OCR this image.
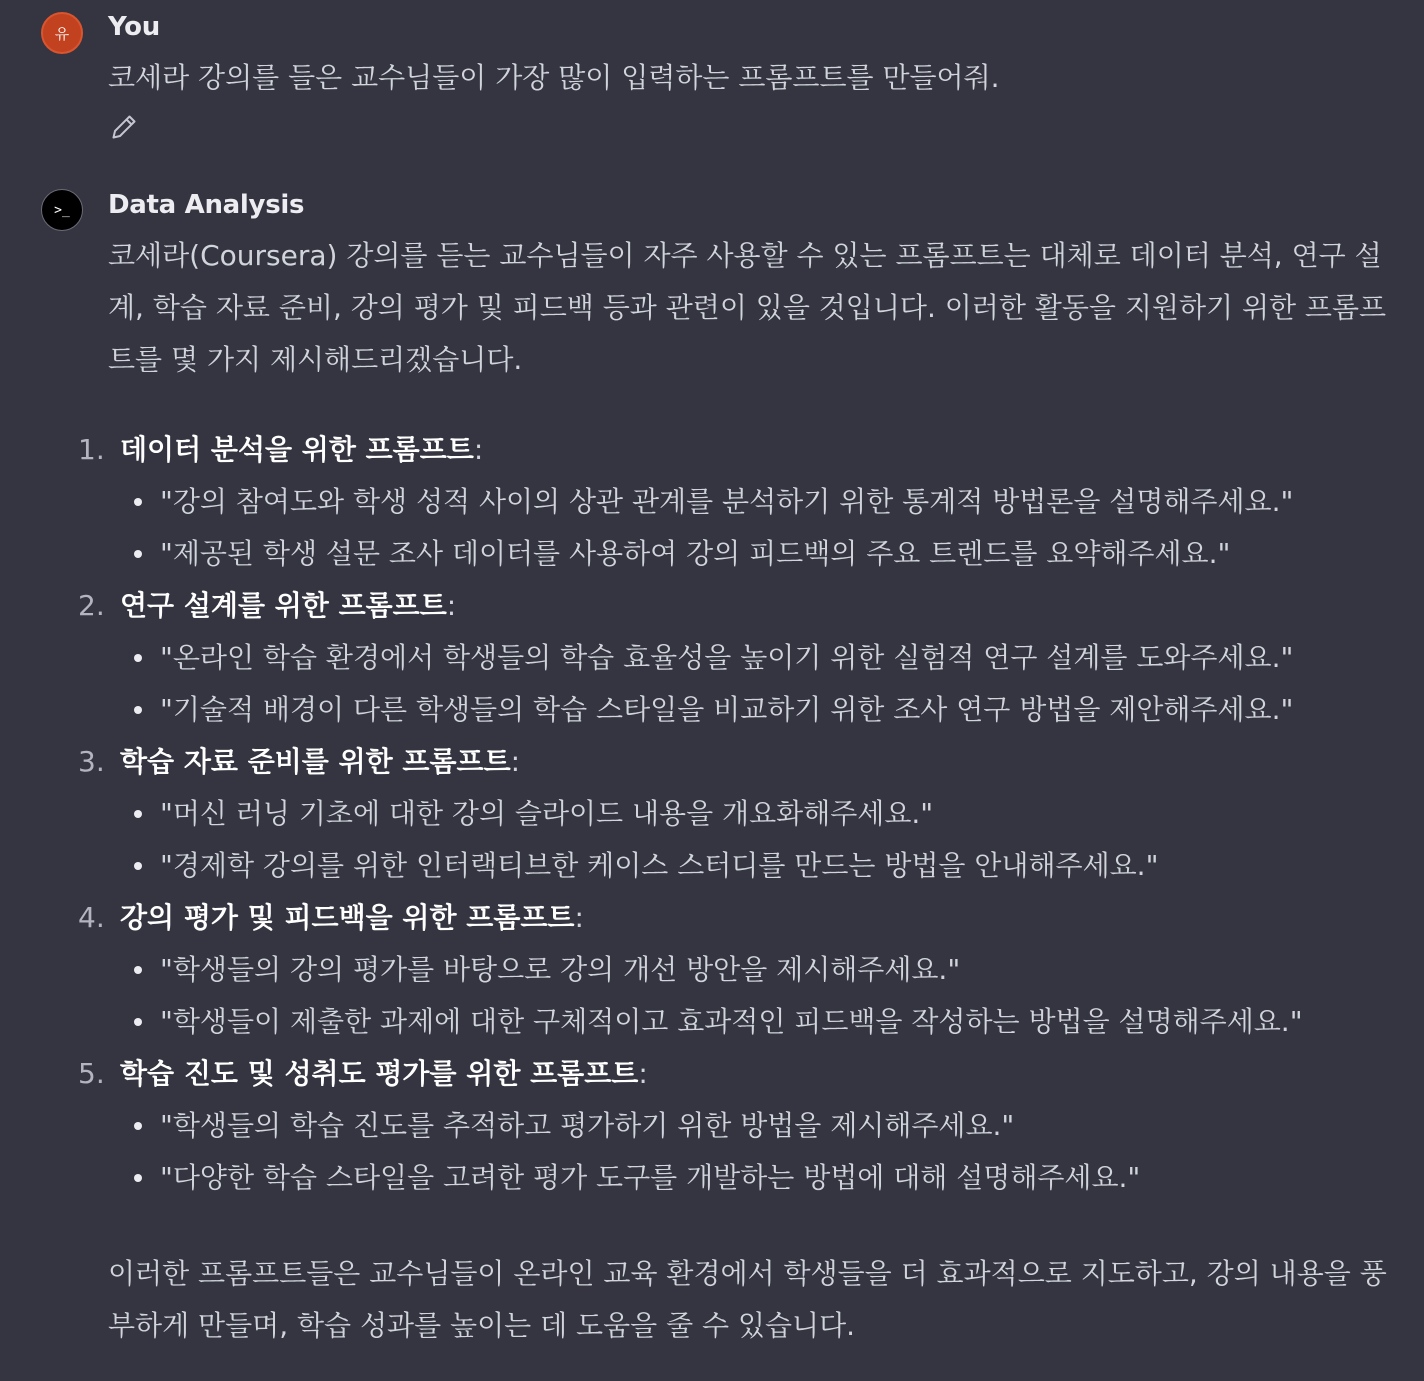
유 You
코세라 강의를 들은 교수님들이 가장 많이 입력하는 프롬프트를 만들어줘.
>_ Data Analysis
코세라(Coursera) 강의를 듣는 교수님들이 자주 사용할 수 있는 프롬프트는 대체로 데이터 분석, 연구 설계, 학습 자료 준비, 강의 평가 및 피드백 등과 관련이 있을 것입니다. 이러한 활동을 지원하기 위한 프롬프트를 몇 가지 제시해드리겠습니다.
1. 데이터 분석을 위한 프롬프트:
"강의 참여도와 학생 성적 사이의 상관 관계를 분석하기 위한 통계적 방법론을 설명해주세요."
"제공된 학생 설문 조사 데이터를 사용하여 강의 피드백의 주요 트렌드를 요약해주세요."
2. 연구 설계를 위한 프롬프트:
"온라인 학습 환경에서 학생들의 학습 효율성을 높이기 위한 실험적 연구 설계를 도와주세요."
"기술적 배경이 다른 학생들의 학습 스타일을 비교하기 위한 조사 연구 방법을 제안해주세요."
3. 학습 자료 준비를 위한 프롬프트:
"머신 러닝 기초에 대한 강의 슬라이드 내용을 개요화해주세요."
"경제학 강의를 위한 인터랙티브한 케이스 스터디를 만드는 방법을 안내해주세요."
4. 강의 평가 및 피드백을 위한 프롬프트:
"학생들의 강의 평가를 바탕으로 강의 개선 방안을 제시해주세요."
"학생들이 제출한 과제에 대한 구체적이고 효과적인 피드백을 작성하는 방법을 설명해주세요."
5. 학습 진도 및 성취도 평가를 위한 프롬프트:
"학생들의 학습 진도를 추적하고 평가하기 위한 방법을 제시해주세요."
"다양한 학습 스타일을 고려한 평가 도구를 개발하는 방법에 대해 설명해주세요."
이러한 프롬프트들은 교수님들이 온라인 교육 환경에서 학생들을 더 효과적으로 지도하고, 강의 내용을 풍부하게 만들며, 학습 성과를 높이는 데 도움을 줄 수 있습니다.
